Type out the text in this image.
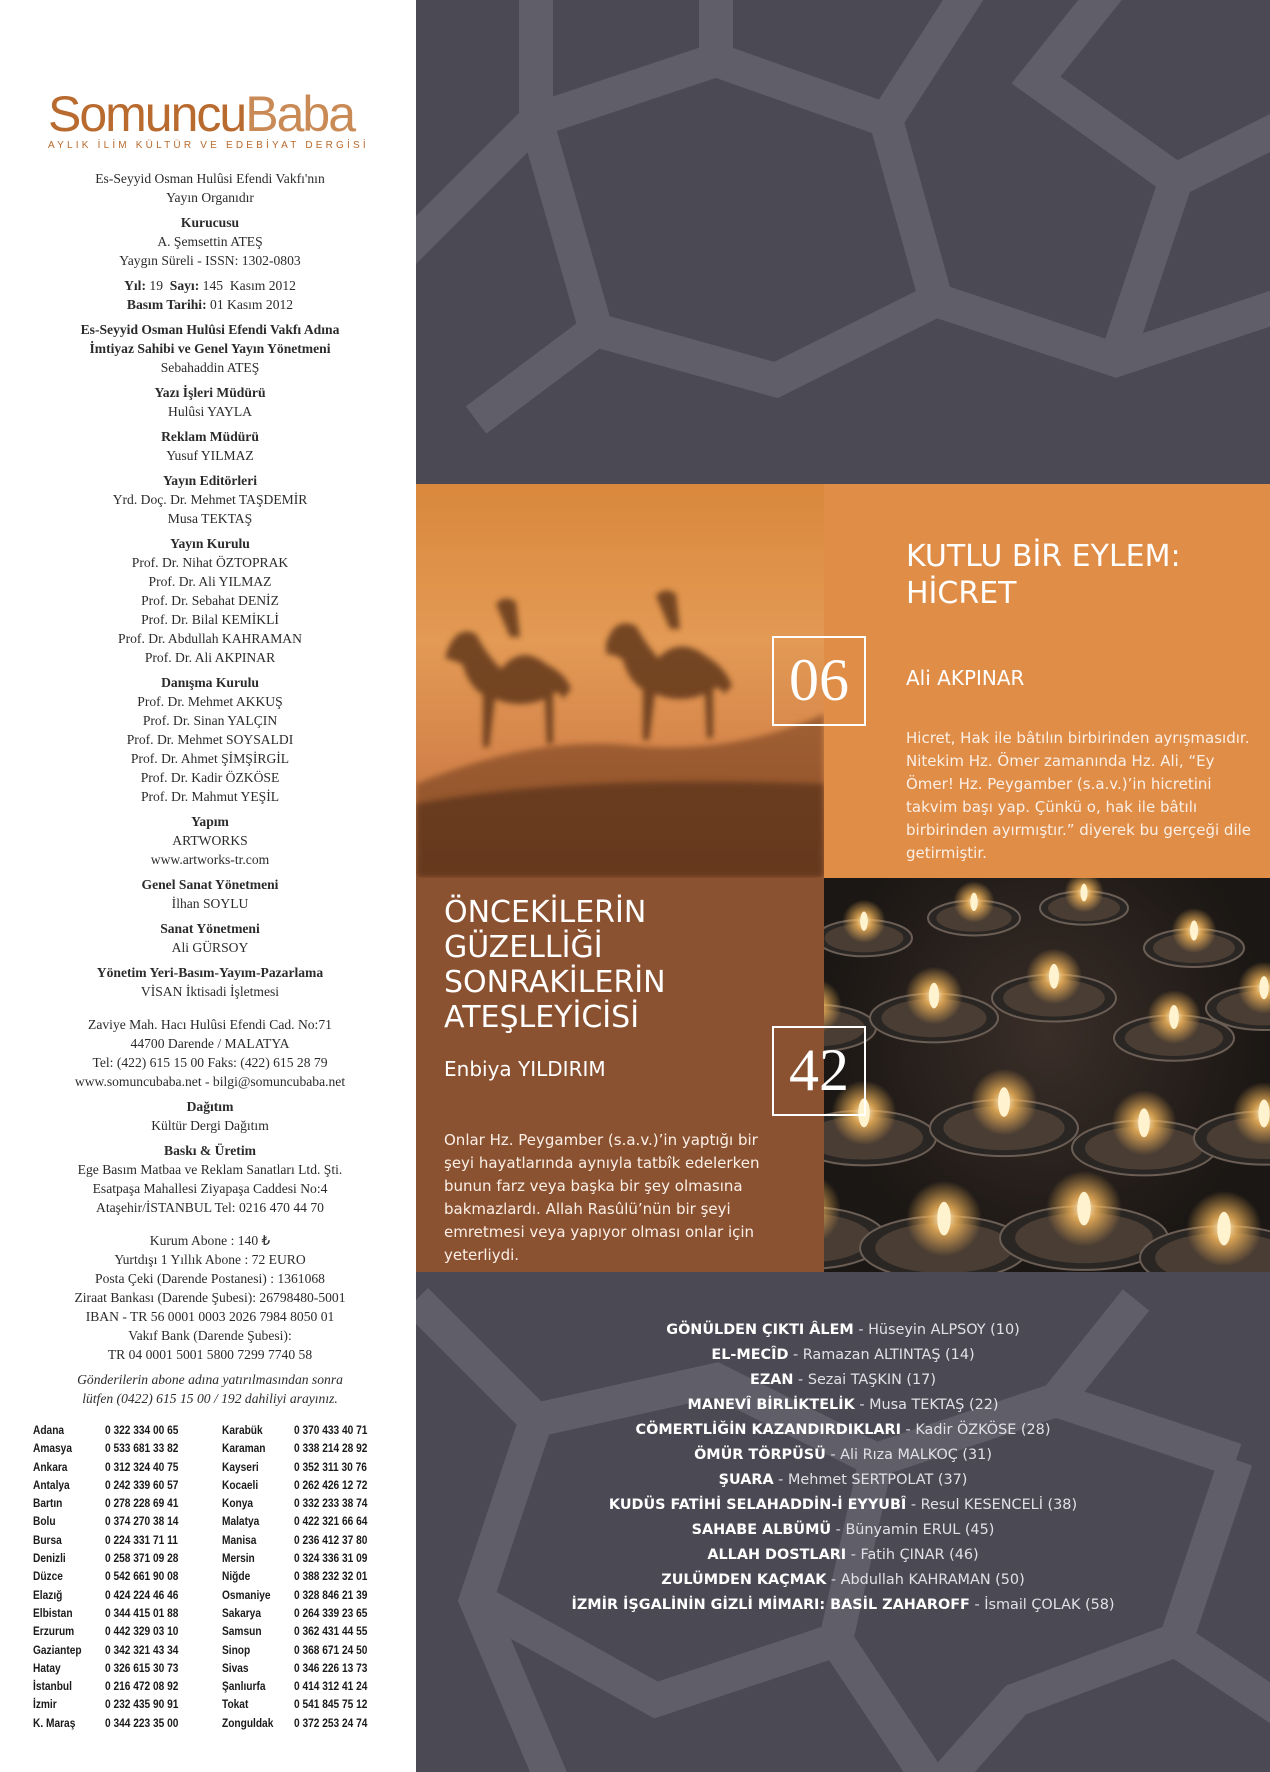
SomuncuBaba
AYLIK İLİM KÜLTÜR VE EDEBİYAT DERGİSİ
Es-Seyyid Osman Hulûsi Efendi Vakfı'nın
Yayın Organıdır
Kurucusu
A. Şemsettin ATEŞ
Yaygın Süreli - ISSN: 1302-0803
Yıl: 19 Sayı: 145 Kasım 2012
Basım Tarihi: 01 Kasım 2012
Es-Seyyid Osman Hulûsi Efendi Vakfı Adına
İmtiyaz Sahibi ve Genel Yayın Yönetmeni
Sebahaddin ATEŞ
Yazı İşleri Müdürü
Hulûsi YAYLA
Reklam Müdürü
Yusuf YILMAZ
Yayın Editörleri
Yrd. Doç. Dr. Mehmet TAŞDEMİR
Musa TEKTAŞ
Yayın Kurulu
Prof. Dr. Nihat ÖZTOPRAK
Prof. Dr. Ali YILMAZ
Prof. Dr. Sebahat DENİZ
Prof. Dr. Bilal KEMİKLİ
Prof. Dr. Abdullah KAHRAMAN
Prof. Dr. Ali AKPINAR
Danışma Kurulu
Prof. Dr. Mehmet AKKUŞ
Prof. Dr. Sinan YALÇIN
Prof. Dr. Mehmet SOYSALDI
Prof. Dr. Ahmet ŞİMŞİRGİL
Prof. Dr. Kadir ÖZKÖSE
Prof. Dr. Mahmut YEŞİL
Yapım
ARTWORKS
www.artworks-tr.com
Genel Sanat Yönetmeni
İlhan SOYLU
Sanat Yönetmeni
Ali GÜRSOY
Yönetim Yeri-Basım-Yayım-Pazarlama
VİSAN İktisadi İşletmesi
Zaviye Mah. Hacı Hulûsi Efendi Cad. No:71
44700 Darende / MALATYA
Tel: (422) 615 15 00 Faks: (422) 615 28 79
www.somuncubaba.net - bilgi@somuncubaba.net
Dağıtım
Kültür Dergi Dağıtım
Baskı & Üretim
Ege Basım Matbaa ve Reklam Sanatları Ltd. Şti.
Esatpaşa Mahallesi Ziyapaşa Caddesi No:4
Ataşehir/İSTANBUL Tel: 0216 470 44 70
Kurum Abone : 140 ₺
Yurtdışı 1 Yıllık Abone : 72 EURO
Posta Çeki (Darende Postanesi) : 1361068
Ziraat Bankası (Darende Şubesi): 26798480-5001
IBAN - TR 56 0001 0003 2026 7984 8050 01
Vakıf Bank (Darende Şubesi):
TR 04 0001 5001 5800 7299 7740 58
Gönderilerin abone adına yatırılmasından sonra
lütfen (0422) 615 15 00 / 192 dahiliyi arayınız.
Adana	0 322 334 00 65
Amasya	0 533 681 33 82
Ankara	0 312 324 40 75
Antalya	0 242 339 60 57
Bartın	0 278 228 69 41
Bolu	0 374 270 38 14
Bursa	0 224 331 71 11
Denizli	0 258 371 09 28
Düzce	0 542 661 90 08
Elazığ	0 424 224 46 46
Elbistan	0 344 415 01 88
Erzurum	0 442 329 03 10
Gaziantep	0 342 321 43 34
Hatay	0 326 615 30 73
İstanbul	0 216 472 08 92
İzmir	0 232 435 90 91
K. Maraş	0 344 223 35 00
Karabük	0 370 433 40 71
Karaman	0 338 214 28 92
Kayseri	0 352 311 30 76
Kocaeli	0 262 426 12 72
Konya	0 332 233 38 74
Malatya	0 422 321 66 64
Manisa	0 236 412 37 80
Mersin	0 324 336 31 09
Niğde	0 388 232 32 01
Osmaniye	0 328 846 21 39
Sakarya	0 264 339 23 65
Samsun	0 362 431 44 55
Sinop	0 368 671 24 50
Sivas	0 346 226 13 73
Şanlıurfa	0 414 312 41 24
Tokat	0 541 845 75 12
Zonguldak	0 372 253 24 74
KUTLU BİR EYLEM:
HİCRET
Ali AKPINAR
Hicret, Hak ile bâtılın birbirinden ayrışmasıdır.
Nitekim Hz. Ömer zamanında Hz. Ali, “Ey
Ömer! Hz. Peygamber (s.a.v.)’in hicretini
takvim başı yap. Çünkü o, hak ile bâtılı
birbirinden ayırmıştır.” diyerek bu gerçeği dile
getirmiştir.
ÖNCEKİLERİN
GÜZELLİĞİ
SONRAKİLERİN
ATEŞLEYİCİSİ
Enbiya YILDIRIM
Onlar Hz. Peygamber (s.a.v.)’in yaptığı bir
şeyi hayatlarında aynıyla tatbîk edelerken
bunun farz veya başka bir şey olmasına
bakmazlardı. Allah Rasûlü’nün bir şeyi
emretmesi veya yapıyor olması onlar için
yeterliydi.
06
42
GÖNÜLDEN ÇIKTI ÂLEM - Hüseyin ALPSOY (10)
EL-MECÎD - Ramazan ALTINTAŞ (14)
EZAN - Sezai TAŞKIN (17)
MANEVÎ BİRLİKTELİK - Musa TEKTAŞ (22)
CÖMERTLİĞİN KAZANDIRDIKLARI - Kadir ÖZKÖSE (28)
ÖMÜR TÖRPÜSÜ - Ali Rıza MALKOÇ (31)
ŞUARA - Mehmet SERTPOLAT (37)
KUDÜS FATİHİ SELAHADDİN-İ EYYUBÎ - Resul KESENCELİ (38)
SAHABE ALBÜMÜ - Bünyamin ERUL (45)
ALLAH DOSTLARI - Fatih ÇINAR (46)
ZULÜMDEN KAÇMAK - Abdullah KAHRAMAN (50)
İZMİR İŞGALİNİN GİZLİ MİMARI: BASİL ZAHAROFF - İsmail ÇOLAK (58)
